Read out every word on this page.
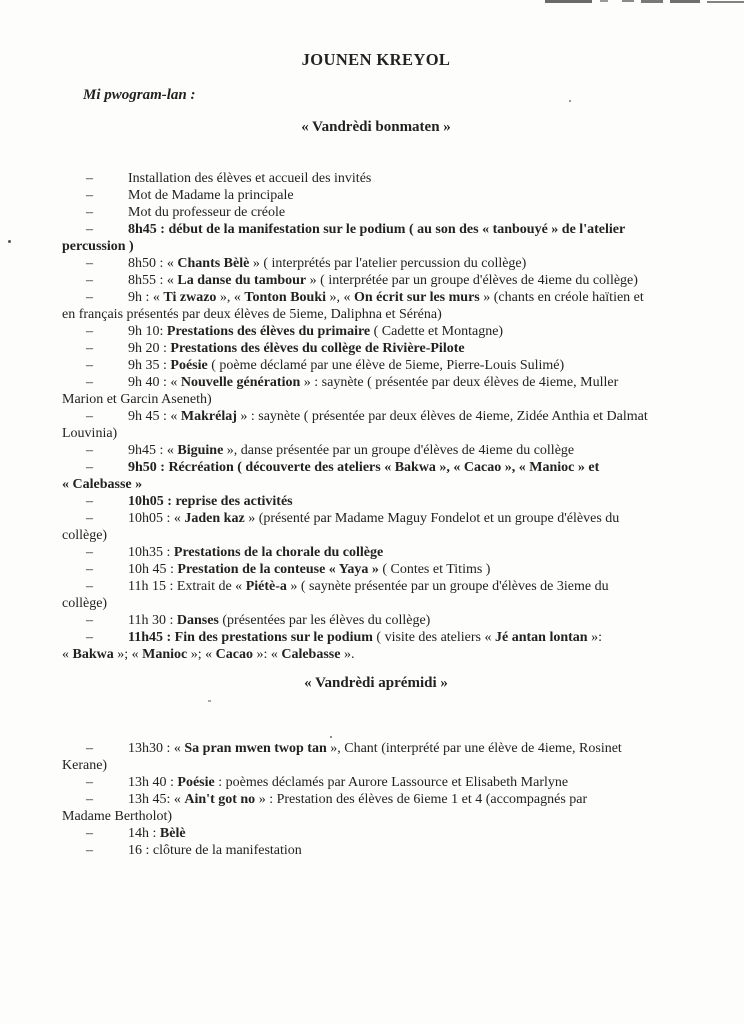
JOUNEN KREYOL

Mi pwogram-lan :

« Vandrèdi bonmaten »
–	Installation des élèves et accueil des invités
–	Mot de Madame la principale
–	Mot du professeur de créole
–	8h45 : début de la manifestation sur le podium ( au son des « tanbouyé » de l'atelier
percussion )
–	8h50 : « Chants Bèlè » ( interprétés par l'atelier percussion du collège)
–	8h55 : « La danse du tambour » ( interprétée par un groupe d'élèves de 4ieme du collège)
–	9h : « Ti zwazo », « Tonton Bouki », « On écrit sur les murs » (chants en créole haïtien et
en français présentés par deux élèves de 5ieme, Daliphna et Séréna)
–	9h 10: Prestations des élèves du primaire ( Cadette et Montagne)
–	9h 20 : Prestations des élèves du collège de Rivière-Pilote
–	9h 35 : Poésie ( poème déclamé par une élève de 5ieme, Pierre-Louis Sulimé)
–	9h 40 : « Nouvelle génération » : saynète ( présentée par deux élèves de 4ieme, Muller
Marion et Garcin Aseneth)
–	9h 45 : « Makrélaj » : saynète ( présentée par deux élèves de 4ieme, Zidée Anthia et Dalmat
Louvinia)
–	9h45 : « Biguine », danse présentée par un groupe d'élèves de 4ieme du collège
–	9h50 : Récréation ( découverte des ateliers « Bakwa », « Cacao », « Manioc » et
« Calebasse »
–	10h05 : reprise des activités
–	10h05 : « Jaden kaz » (présenté par Madame Maguy Fondelot et un groupe d'élèves du
collège)
–	10h35 : Prestations de la chorale du collège
–	10h 45 : Prestation de la conteuse « Yaya » ( Contes et Titims )
–	11h 15 : Extrait de « Piétè-a » ( saynète présentée par un groupe d'élèves de 3ieme du
collège)
–	11h 30 : Danses (présentées par les élèves du collège)
–	11h45 : Fin des prestations sur le podium ( visite des ateliers « Jé antan lontan »:
« Bakwa »; « Manioc »; « Cacao »: « Calebasse ».
« Vandrèdi aprémidi »
–	13h30 : « Sa pran mwen twop tan », Chant (interprété par une élève de 4ieme, Rosinet
Kerane)
–	13h 40 : Poésie : poèmes déclamés par Aurore Lassource et Elisabeth Marlyne
–	13h 45: « Ain't got no » : Prestation des élèves de 6ieme 1 et 4 (accompagnés par
Madame Bertholot)
–	14h : Bèlè
–	16 : clôture de la manifestation
